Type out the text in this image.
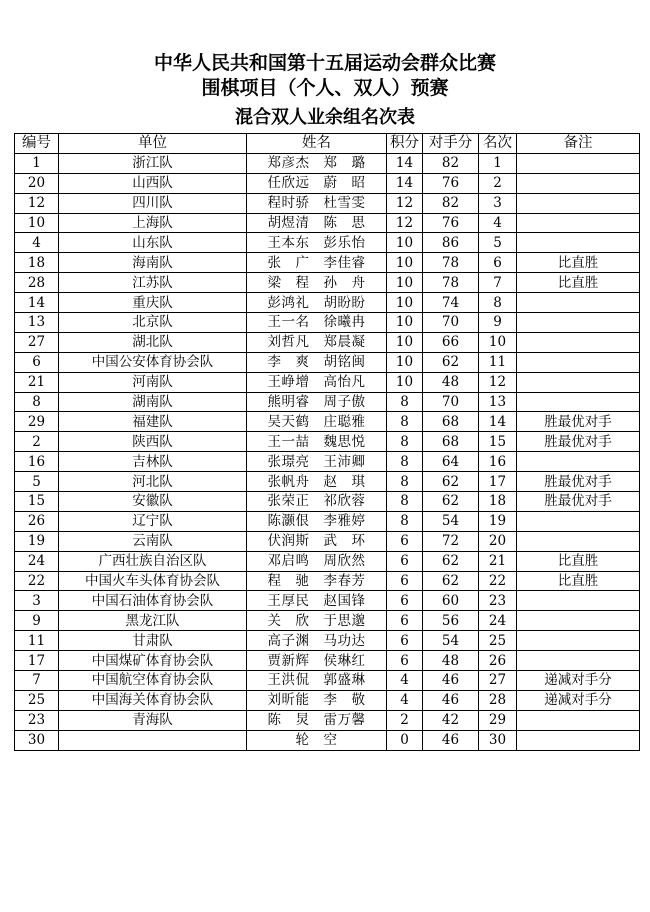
中华人民共和国第十五届运动会群众比赛
围棋项目（个人、双人）预赛
混合双人业余组名次表
编号	单位	姓名	积分	对手分	名次	备注
1	浙江队	郑彦杰　郑　璐	14	82	1	
20	山西队	任欣远　蔚　昭	14	76	2	
12	四川队	程时骄　杜雪雯	12	82	3	
10	上海队	胡煜清　陈　思	12	76	4	
4	山东队	王本东　彭乐怡	10	86	5	
18	海南队	张　广　李佳睿	10	78	6	比直胜
28	江苏队	梁　程　孙　舟	10	78	7	比直胜
14	重庆队	彭鸿礼　胡盼盼	10	74	8	
13	北京队	王一名　徐曦冉	10	70	9	
27	湖北队	刘哲凡　郑晨凝	10	66	10	
6	中国公安体育协会队	李　爽　胡铭闽	10	62	11	
21	河南队	王峥增　高怡凡	10	48	12	
8	湖南队	熊明睿　周子傲	8	70	13	
29	福建队	吴天鹤　庄聪雅	8	68	14	胜最优对手
2	陕西队	王一喆　魏思悦	8	68	15	胜最优对手
16	吉林队	张璟亮　王沛卿	8	64	16	
5	河北队	张帆舟　赵　琪	8	62	17	胜最优对手
15	安徽队	张荣正　祁欣蓉	8	62	18	胜最优对手
26	辽宁队	陈灏佷　李雅婷	8	54	19	
19	云南队	伏润斯　武　环	6	72	20	
24	广西壮族自治区队	邓启鸣　周欣然	6	62	21	比直胜
22	中国火车头体育协会队	程　驰　李春芳	6	62	22	比直胜
3	中国石油体育协会队	王厚民　赵国锋	6	60	23	
9	黑龙江队	关　欣　于思邈	6	56	24	
11	甘肃队	高子渊　马功达	6	54	25	
17	中国煤矿体育协会队	贾新辉　侯琳红	6	48	26	
7	中国航空体育协会队	王洪侃　郭盛琳	4	46	27	递减对手分
25	中国海关体育协会队	刘昕能　李　敬	4	46	28	递减对手分
23	青海队	陈　炅　雷万馨	2	42	29	
30		轮　空	0	46	30	
